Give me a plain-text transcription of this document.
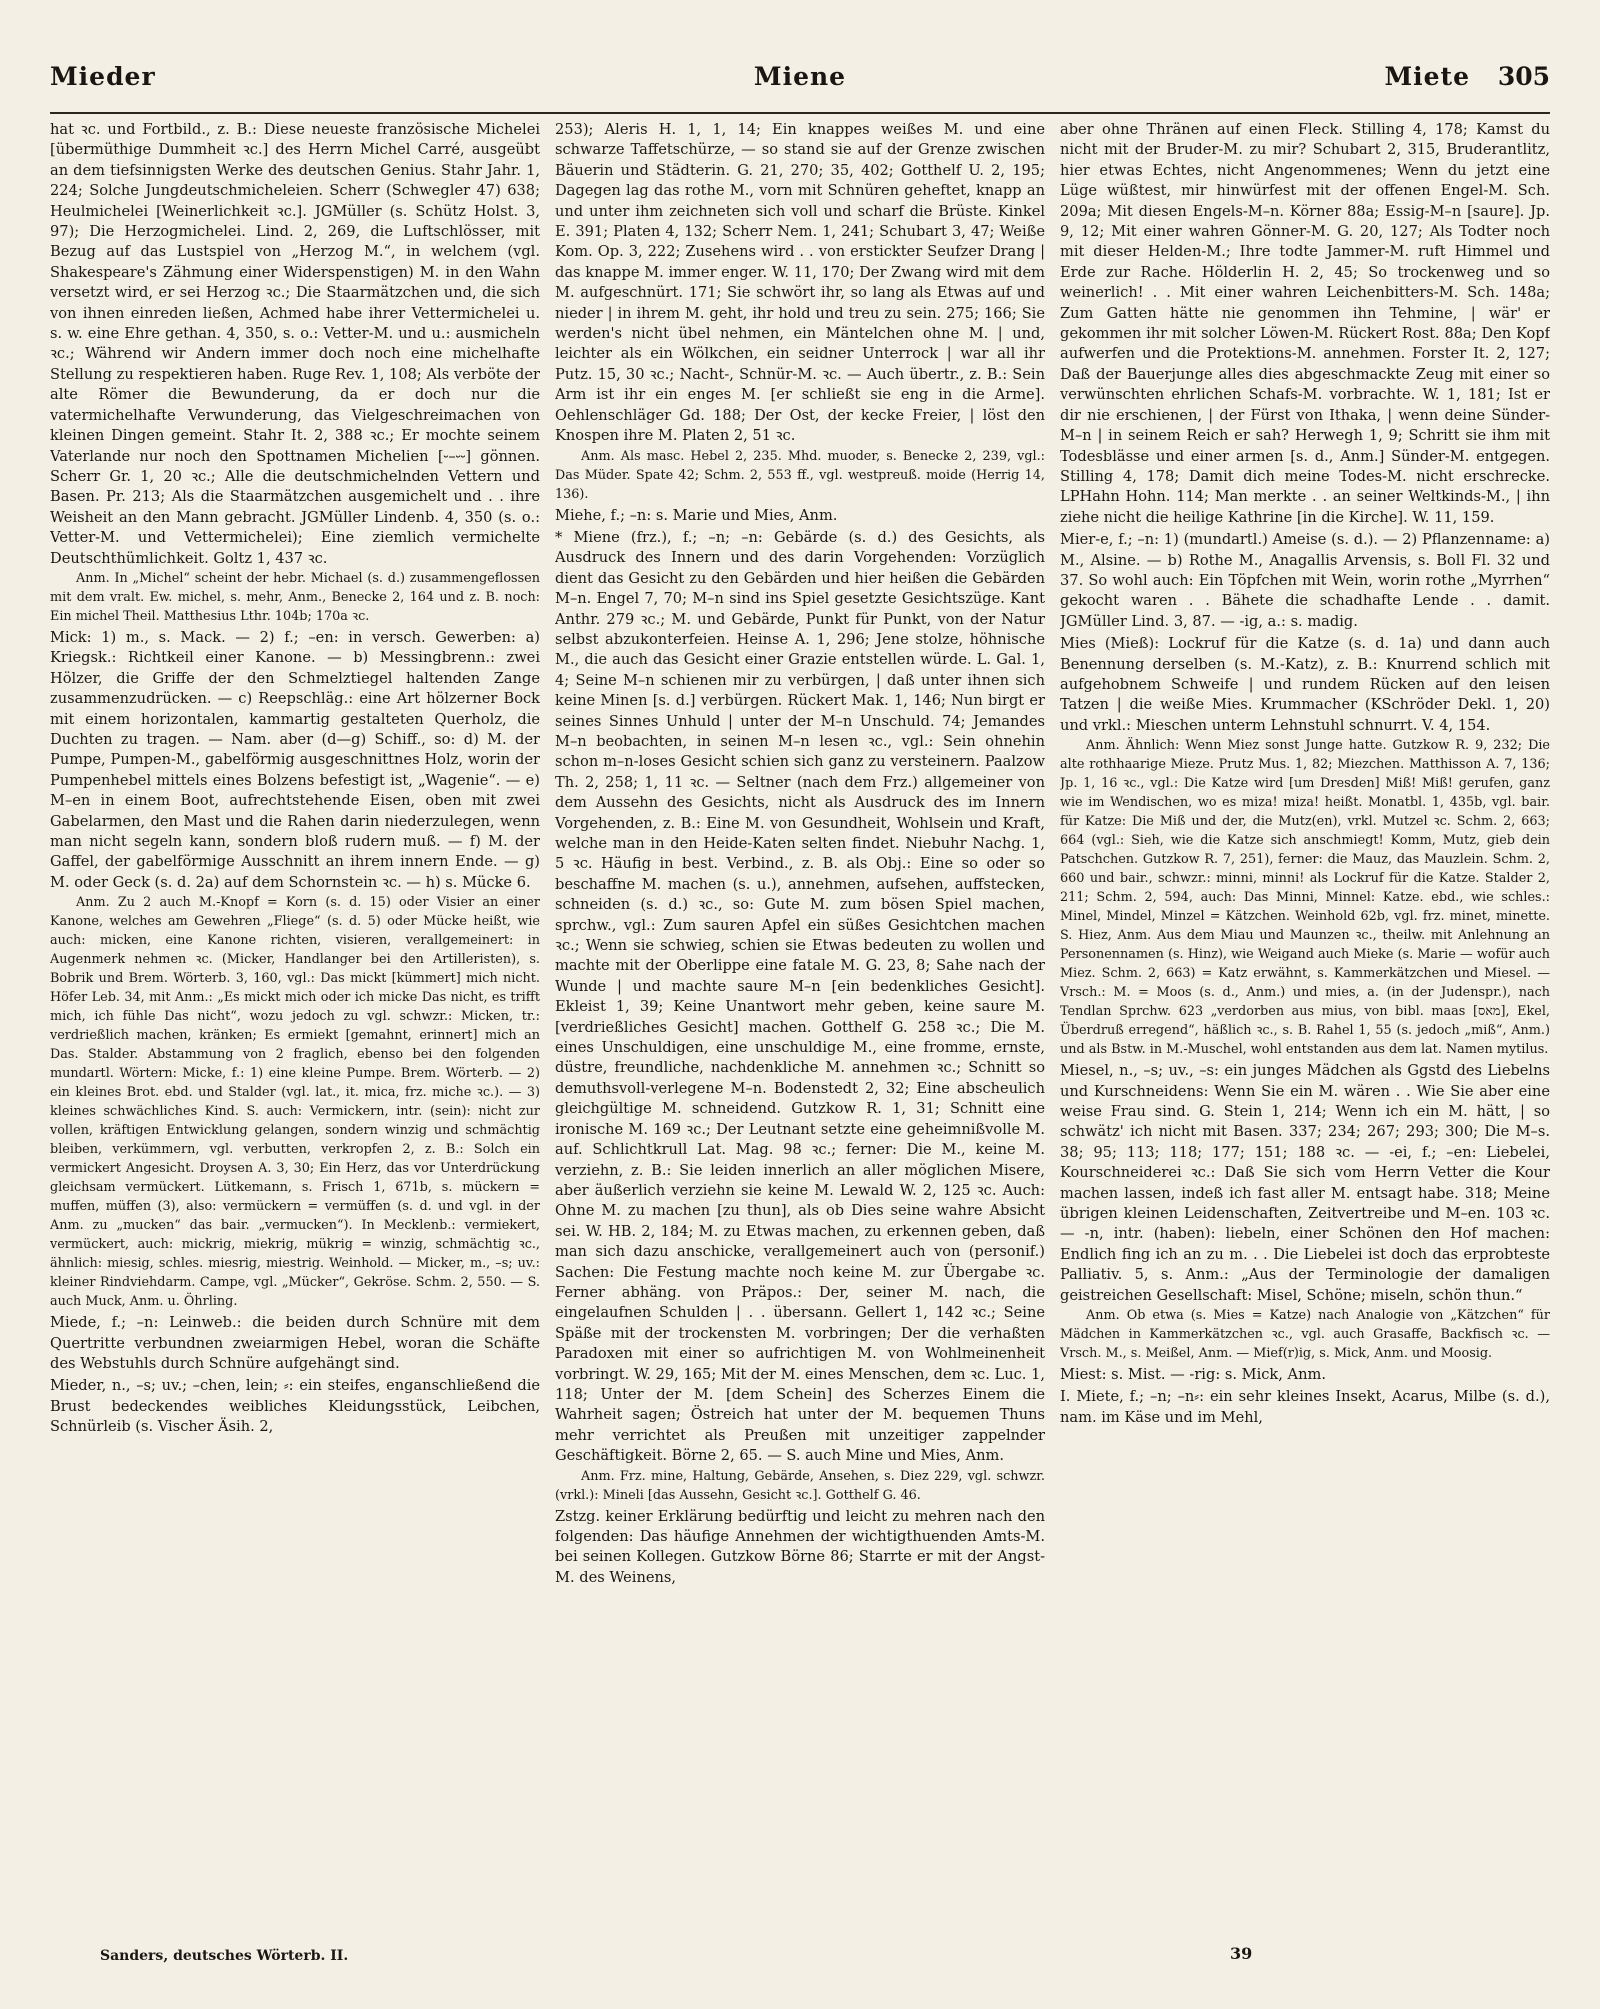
Mieder	Miene	Miete 305

hat ꝛc. und Fortbild., z. B.: Diese neueste französische Michelei [übermüthige Dummheit ꝛc.] des Herrn Michel Carré, ausgeübt an dem tiefsinnigsten Werke des deutschen Genius. Stahr Jahr. 1, 224; Solche Jungdeutschmicheleien. Scherr (Schwegler 47) 638; Heulmichelei [Weinerlichkeit ꝛc.]. JGMüller (s. Schütz Holst. 3, 97); Die Herzogmichelei. Lind. 2, 269, die Luftschlösser, mit Bezug auf das Lustspiel von „Herzog M.“, in welchem (vgl. Shakespeare's Zähmung einer Widerspenstigen) M. in den Wahn versetzt wird, er sei Herzog ꝛc.; Die Staarmätzchen und, die sich von ihnen einreden ließen, Achmed habe ihrer Vettermichelei u. s. w. eine Ehre gethan. 4, 350, s. o.: Vetter-M. und u.: ausmicheln ꝛc.; Während wir Andern immer doch noch eine michelhafte Stellung zu respektieren haben. Ruge Rev. 1, 108; Als verböte der alte Römer die Bewunderung, da er doch nur die vatermichelhafte Verwunderung, das Vielgeschreimachen von kleinen Dingen gemeint. Stahr It. 2, 388 ꝛc.; Er mochte seinem Vaterlande nur noch den Spottnamen Michelien [⏑–⏑⏑] gönnen. Scherr Gr. 1, 20 ꝛc.; Alle die deutschmichelnden Vettern und Basen. Pr. 213; Als die Staarmätzchen ausgemichelt und . . ihre Weisheit an den Mann gebracht. JGMüller Lindenb. 4, 350 (s. o.: Vetter-M. und Vettermichelei); Eine ziemlich vermichelte Deutschthümlichkeit. Goltz 1, 437 ꝛc.

Anm. In „Michel“ scheint der hebr. Michael (s. d.) zusammengeflossen mit dem vralt. Ew. michel, s. mehr, Anm., Benecke 2, 164 und z. B. noch: Ein michel Theil. Matthesius Lthr. 104b; 170a ꝛc.

Mick: 1) m., s. Mack. — 2) f.; –en: in versch. Gewerben: a) Kriegsk.: Richtkeil einer Kanone. — b) Messingbrenn.: zwei Hölzer, die Griffe der den Schmelztiegel haltenden Zange zusammenzudrücken. — c) Reepschläg.: eine Art hölzerner Bock mit einem horizontalen, kammartig gestalteten Querholz, die Duchten zu tragen. — Nam. aber (d—g) Schiff., so: d) M. der Pumpe, Pumpen-M., gabelförmig ausgeschnittnes Holz, worin der Pumpenhebel mittels eines Bolzens befestigt ist, „Wagenie“. — e) M–en in einem Boot, aufrechtstehende Eisen, oben mit zwei Gabelarmen, den Mast und die Rahen darin niederzulegen, wenn man nicht segeln kann, sondern bloß rudern muß. — f) M. der Gaffel, der gabelförmige Ausschnitt an ihrem innern Ende. — g) M. oder Geck (s. d. 2a) auf dem Schornstein ꝛc. — h) s. Mücke 6.

Anm. Zu 2 auch M.-Knopf = Korn (s. d. 15) oder Visier an einer Kanone, welches am Gewehren „Fliege“ (s. d. 5) oder Mücke heißt, wie auch: micken, eine Kanone richten, visieren, verallgemeinert: in Augenmerk nehmen ꝛc. (Micker, Handlanger bei den Artilleristen), s. Bobrik und Brem. Wörterb. 3, 160, vgl.: Das mickt [kümmert] mich nicht. Höfer Leb. 34, mit Anm.: „Es mickt mich oder ich micke Das nicht, es trifft mich, ich fühle Das nicht“, wozu jedoch zu vgl. schwzr.: Micken, tr.: verdrießlich machen, kränken; Es ermiekt [gemahnt, erinnert] mich an Das. Stalder. Abstammung von 2 fraglich, ebenso bei den folgenden mundartl. Wörtern: Micke, f.: 1) eine kleine Pumpe. Brem. Wörterb. — 2) ein kleines Brot. ebd. und Stalder (vgl. lat., it. mica, frz. miche ꝛc.). — 3) kleines schwächliches Kind. S. auch: Vermickern, intr. (sein): nicht zur vollen, kräftigen Entwicklung gelangen, sondern winzig und schmächtig bleiben, verkümmern, vgl. verbutten, verkropfen 2, z. B.: Solch ein vermickert Angesicht. Droysen A. 3, 30; Ein Herz, das vor Unterdrückung gleichsam vermückert. Lütkemann, s. Frisch 1, 671b, s. mückern = muffen, müffen (3), also: vermückern = vermüffen (s. d. und vgl. in der Anm. zu „mucken“ das bair. „vermucken“). In Mecklenb.: vermiekert, vermückert, auch: mickrig, miekrig, mükrig = winzig, schmächtig ꝛc., ähnlich: miesig, schles. miesrig, miestrig. Weinhold. — Micker, m., –s; uv.: kleiner Rindviehdarm. Campe, vgl. „Mücker“, Gekröse. Schm. 2, 550. — S. auch Muck, Anm. u. Öhrling.

Miede, f.; –n: Leinweb.: die beiden durch Schnüre mit dem Quertritte verbundnen zweiarmigen Hebel, woran die Schäfte des Webstuhls durch Schnüre aufgehängt sind.

Mieder, n., –s; uv.; –chen, lein; ⸗: ein steifes, enganschließend die Brust bedeckendes weibliches Kleidungsstück, Leibchen, Schnürleib (s. Vischer Äsih. 2,

253); Aleris H. 1, 1, 14; Ein knappes weißes M. und eine schwarze Taffetschürze, — so stand sie auf der Grenze zwischen Bäuerin und Städterin. G. 21, 270; 35, 402; Gotthelf U. 2, 195; Dagegen lag das rothe M., vorn mit Schnüren geheftet, knapp an und unter ihm zeichneten sich voll und scharf die Brüste. Kinkel E. 391; Platen 4, 132; Scherr Nem. 1, 241; Schubart 3, 47; Weiße Kom. Op. 3, 222; Zusehens wird . . von erstickter Seufzer Drang | das knappe M. immer enger. W. 11, 170; Der Zwang wird mit dem M. aufgeschnürt. 171; Sie schwört ihr, so lang als Etwas auf und nieder | in ihrem M. geht, ihr hold und treu zu sein. 275; 166; Sie werden's nicht übel nehmen, ein Mäntelchen ohne M. | und, leichter als ein Wölkchen, ein seidner Unterrock | war all ihr Putz. 15, 30 ꝛc.; Nacht-, Schnür-M. ꝛc. — Auch übertr., z. B.: Sein Arm ist ihr ein enges M. [er schließt sie eng in die Arme]. Oehlenschläger Gd. 188; Der Ost, der kecke Freier, | löst den Knospen ihre M. Platen 2, 51 ꝛc.

Anm. Als masc. Hebel 2, 235. Mhd. muoder, s. Benecke 2, 239, vgl.: Das Müder. Spate 42; Schm. 2, 553 ff., vgl. westpreuß. moide (Herrig 14, 136).

Miehe, f.; –n: s. Marie und Mies, Anm.

* Miene (frz.), f.; –n; –n: Gebärde (s. d.) des Gesichts, als Ausdruck des Innern und des darin Vorgehenden: Vorzüglich dient das Gesicht zu den Gebärden und hier heißen die Gebärden M–n. Engel 7, 70; M–n sind ins Spiel gesetzte Gesichtszüge. Kant Anthr. 279 ꝛc.; M. und Gebärde, Punkt für Punkt, von der Natur selbst abzukonterfeien. Heinse A. 1, 296; Jene stolze, höhnische M., die auch das Gesicht einer Grazie entstellen würde. L. Gal. 1, 4; Seine M–n schienen mir zu verbürgen, | daß unter ihnen sich keine Minen [s. d.] verbürgen. Rückert Mak. 1, 146; Nun birgt er seines Sinnes Unhuld | unter der M–n Unschuld. 74; Jemandes M–n beobachten, in seinen M–n lesen ꝛc., vgl.: Sein ohnehin schon m–n-loses Gesicht schien sich ganz zu versteinern. Paalzow Th. 2, 258; 1, 11 ꝛc. — Seltner (nach dem Frz.) allgemeiner von dem Aussehn des Gesichts, nicht als Ausdruck des im Innern Vorgehenden, z. B.: Eine M. von Gesundheit, Wohlsein und Kraft, welche man in den Heide-Katen selten findet. Niebuhr Nachg. 1, 5 ꝛc. Häufig in best. Verbind., z. B. als Obj.: Eine so oder so beschaffne M. machen (s. u.), annehmen, aufsehen, auffstecken, schneiden (s. d.) ꝛc., so: Gute M. zum bösen Spiel machen, sprchw., vgl.: Zum sauren Apfel ein süßes Gesichtchen machen ꝛc.; Wenn sie schwieg, schien sie Etwas bedeuten zu wollen und machte mit der Oberlippe eine fatale M. G. 23, 8; Sahe nach der Wunde | und machte saure M–n [ein bedenkliches Gesicht]. Ekleist 1, 39; Keine Unantwort mehr geben, keine saure M. [verdrießliches Gesicht] machen. Gotthelf G. 258 ꝛc.; Die M. eines Unschuldigen, eine unschuldige M., eine fromme, ernste, düstre, freundliche, nachdenkliche M. annehmen ꝛc.; Schnitt so demuthsvoll-verlegene M–n. Bodenstedt 2, 32; Eine abscheulich gleichgültige M. schneidend. Gutzkow R. 1, 31; Schnitt eine ironische M. 169 ꝛc.; Der Leutnant setzte eine geheimnißvolle M. auf. Schlichtkrull Lat. Mag. 98 ꝛc.; ferner: Die M., keine M. verziehn, z. B.: Sie leiden innerlich an aller möglichen Misere, aber äußerlich verziehn sie keine M. Lewald W. 2, 125 ꝛc. Auch: Ohne M. zu machen [zu thun], als ob Dies seine wahre Absicht sei. W. HB. 2, 184; M. zu Etwas machen, zu erkennen geben, daß man sich dazu anschicke, verallgemeinert auch von (personif.) Sachen: Die Festung machte noch keine M. zur Übergabe ꝛc. Ferner abhäng. von Präpos.: Der, seiner M. nach, die eingelaufnen Schulden | . . übersann. Gellert 1, 142 ꝛc.; Seine Späße mit der trockensten M. vorbringen; Der die verhaßten Paradoxen mit einer so aufrichtigen M. von Wohlmeinenheit vorbringt. W. 29, 165; Mit der M. eines Menschen, dem ꝛc. Luc. 1, 118; Unter der M. [dem Schein] des Scherzes Einem die Wahrheit sagen; Östreich hat unter der M. bequemen Thuns mehr verrichtet als Preußen mit unzeitiger zappelnder Geschäftigkeit. Börne 2, 65. — S. auch Mine und Mies, Anm.

Anm. Frz. mine, Haltung, Gebärde, Ansehen, s. Diez 229, vgl. schwzr. (vrkl.): Mineli [das Aussehn, Gesicht ꝛc.]. Gotthelf G. 46.

Zstzg. keiner Erklärung bedürftig und leicht zu mehren nach den folgenden: Das häufige Annehmen der wichtigthuenden Amts-M. bei seinen Kollegen. Gutzkow Börne 86; Starrte er mit der Angst-M. des Weinens,

aber ohne Thränen auf einen Fleck. Stilling 4, 178; Kamst du nicht mit der Bruder-M. zu mir? Schubart 2, 315, Bruderantlitz, hier etwas Echtes, nicht Angenommenes; Wenn du jetzt eine Lüge wüßtest, mir hinwürfest mit der offenen Engel-M. Sch. 209a; Mit diesen Engels-M–n. Körner 88a; Essig-M–n [saure]. Jp. 9, 12; Mit einer wahren Gönner-M. G. 20, 127; Als Todter noch mit dieser Helden-M.; Ihre todte Jammer-M. ruft Himmel und Erde zur Rache. Hölderlin H. 2, 45; So trockenweg und so weinerlich! . . Mit einer wahren Leichenbitters-M. Sch. 148a; Zum Gatten hätte nie genommen ihn Tehmine, | wär' er gekommen ihr mit solcher Löwen-M. Rückert Rost. 88a; Den Kopf aufwerfen und die Protektions-M. annehmen. Forster It. 2, 127; Daß der Bauerjunge alles dies abgeschmackte Zeug mit einer so verwünschten ehrlichen Schafs-M. vorbrachte. W. 1, 181; Ist er dir nie erschienen, | der Fürst von Ithaka, | wenn deine Sünder-M–n | in seinem Reich er sah? Herwegh 1, 9; Schritt sie ihm mit Todesblässe und einer armen [s. d., Anm.] Sünder-M. entgegen. Stilling 4, 178; Damit dich meine Todes-M. nicht erschrecke. LPHahn Hohn. 114; Man merkte . . an seiner Weltkinds-M., | ihn ziehe nicht die heilige Kathrine [in die Kirche]. W. 11, 159.

Mier-e, f.; –n: 1) (mundartl.) Ameise (s. d.). — 2) Pflanzenname: a) M., Alsine. — b) Rothe M., Anagallis Arvensis, s. Boll Fl. 32 und 37. So wohl auch: Ein Töpfchen mit Wein, worin rothe „Myrrhen“ gekocht waren . . Bähete die schadhafte Lende . . damit. JGMüller Lind. 3, 87. — -ig, a.: s. madig.

Mies (Mieß): Lockruf für die Katze (s. d. 1a) und dann auch Benennung derselben (s. M.-Katz), z. B.: Knurrend schlich mit aufgehobnem Schweife | und rundem Rücken auf den leisen Tatzen | die weiße Mies. Krummacher (KSchröder Dekl. 1, 20) und vrkl.: Mieschen unterm Lehnstuhl schnurrt. V. 4, 154.

Anm. Ähnlich: Wenn Miez sonst Junge hatte. Gutzkow R. 9, 232; Die alte rothhaarige Mieze. Prutz Mus. 1, 82; Miezchen. Matthisson A. 7, 136; Jp. 1, 16 ꝛc., vgl.: Die Katze wird [um Dresden] Miß! Miß! gerufen, ganz wie im Wendischen, wo es miza! miza! heißt. Monatbl. 1, 435b, vgl. bair. für Katze: Die Miß und der, die Mutz(en), vrkl. Mutzel ꝛc. Schm. 2, 663; 664 (vgl.: Sieh, wie die Katze sich anschmiegt! Komm, Mutz, gieb dein Patschchen. Gutzkow R. 7, 251), ferner: die Mauz, das Mauzlein. Schm. 2, 660 und bair., schwzr.: minni, minni! als Lockruf für die Katze. Stalder 2, 211; Schm. 2, 594, auch: Das Minni, Minnel: Katze. ebd., wie schles.: Minel, Mindel, Minzel = Kätzchen. Weinhold 62b, vgl. frz. minet, minette. S. Hiez, Anm. Aus dem Miau und Maunzen ꝛc., theilw. mit Anlehnung an Personennamen (s. Hinz), wie Weigand auch Mieke (s. Marie — wofür auch Miez. Schm. 2, 663) = Katz erwähnt, s. Kammerkätzchen und Miesel. — Vrsch.: M. = Moos (s. d., Anm.) und mies, a. (in der Judenspr.), nach Tendlan Sprchw. 623 „verdorben aus mius, von bibl. maas [מאס], Ekel, Überdruß erregend“, häßlich ꝛc., s. B. Rahel 1, 55 (s. jedoch „miß“, Anm.) und als Bstw. in M.-Muschel, wohl entstanden aus dem lat. Namen mytilus.

Miesel, n., –s; uv., –s: ein junges Mädchen als Ggstd des Liebelns und Kurschneidens: Wenn Sie ein M. wären . . Wie Sie aber eine weise Frau sind. G. Stein 1, 214; Wenn ich ein M. hätt, | so schwätz' ich nicht mit Basen. 337; 234; 267; 293; 300; Die M–s. 38; 95; 113; 118; 177; 151; 188 ꝛc. — -ei, f.; –en: Liebelei, Kourschneiderei ꝛc.: Daß Sie sich vom Herrn Vetter die Kour machen lassen, indeß ich fast aller M. entsagt habe. 318; Meine übrigen kleinen Leidenschaften, Zeitvertreibe und M–en. 103 ꝛc. — -n, intr. (haben): liebeln, einer Schönen den Hof machen: Endlich fing ich an zu m. . . Die Liebelei ist doch das erprobteste Palliativ. 5, s. Anm.: „Aus der Terminologie der damaligen geistreichen Gesellschaft: Misel, Schöne; miseln, schön thun.“

Anm. Ob etwa (s. Mies = Katze) nach Analogie von „Kätzchen“ für Mädchen in Kammerkätzchen ꝛc., vgl. auch Grasaffe, Backfisch ꝛc. — Vrsch. M., s. Meißel, Anm. — Mief(r)ig, s. Mick, Anm. und Moosig.

Miest: s. Mist. — -rig: s. Mick, Anm.

I. Miete, f.; –n; –n⸗: ein sehr kleines Insekt, Acarus, Milbe (s. d.), nam. im Käse und im Mehl,

Sanders, deutsches Wörterb. II.	39
